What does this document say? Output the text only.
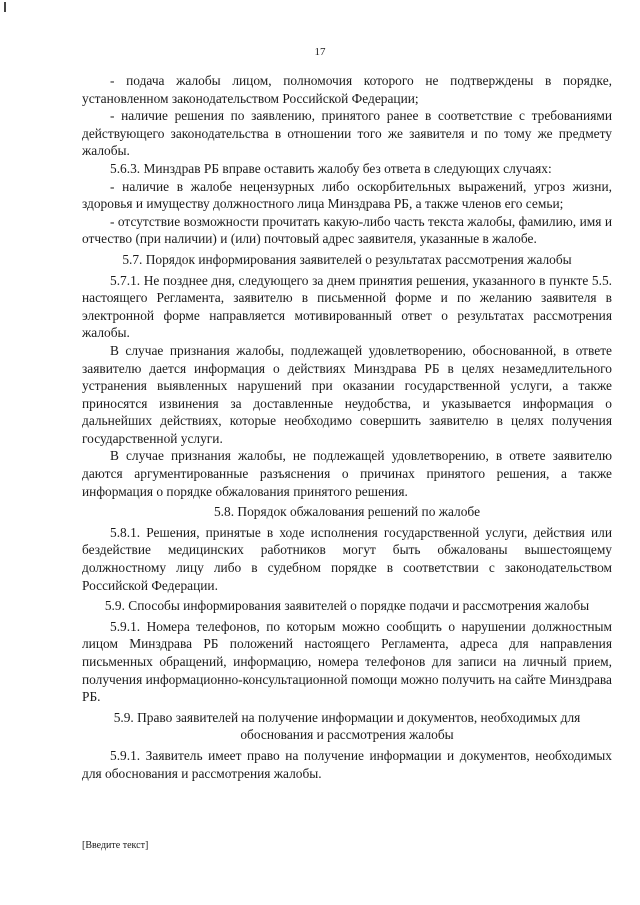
17

- подача жалобы лицом, полномочия которого не подтверждены в порядке, установленном законодательством Российской Федерации;

- наличие решения по заявлению, принятого ранее в соответствие с требованиями действующего законодательства в отношении того же заявителя и по тому же предмету жалобы.

5.6.3. Минздрав РБ вправе оставить жалобу без ответа в следующих случаях:

- наличие в жалобе нецензурных либо оскорбительных выражений, угроз жизни, здоровья и имуществу должностного лица Минздрава РБ, а также членов его семьи;

- отсутствие возможности прочитать какую-либо часть текста жалобы, фамилию, имя и отчество (при наличии) и (или) почтовый адрес заявителя, указанные в жалобе.

5.7. Порядок информирования заявителей о результатах рассмотрения жалобы

5.7.1. Не позднее дня, следующего за днем принятия решения, указанного в пункте 5.5. настоящего Регламента, заявителю в письменной форме и по желанию заявителя в электронной форме направляется мотивированный ответ о результатах рассмотрения жалобы.

В случае признания жалобы, подлежащей удовлетворению, обоснованной, в ответе заявителю дается информация о действиях Минздрава РБ в целях незамедлительного устранения выявленных нарушений при оказании государственной услуги, а также приносятся извинения за доставленные неудобства, и указывается информация о дальнейших действиях, которые необходимо совершить заявителю в целях получения государственной услуги.

В случае признания жалобы, не подлежащей удовлетворению, в ответе заявителю даются аргументированные разъяснения о причинах принятого решения, а также информация о порядке обжалования принятого решения.

5.8. Порядок обжалования решений по жалобе

5.8.1. Решения, принятые в ходе исполнения государственной услуги, действия или бездействие медицинских работников могут быть обжалованы вышестоящему должностному лицу либо в судебном порядке в соответствии с законодательством Российской Федерации.

5.9. Способы информирования заявителей о порядке подачи и рассмотрения жалобы

5.9.1. Номера телефонов, по которым можно сообщить о нарушении должностным лицом Минздрава РБ положений настоящего Регламента, адреса для направления письменных обращений, информацию, номера телефонов для записи на личный прием, получения информационно-консультационной помощи можно получить на сайте Минздрава РБ.

5.9. Право заявителей на получение информации и документов, необходимых для обоснования и рассмотрения жалобы

5.9.1. Заявитель имеет право на получение информации и документов, необходимых для обоснования и рассмотрения жалобы.

[Введите текст]
